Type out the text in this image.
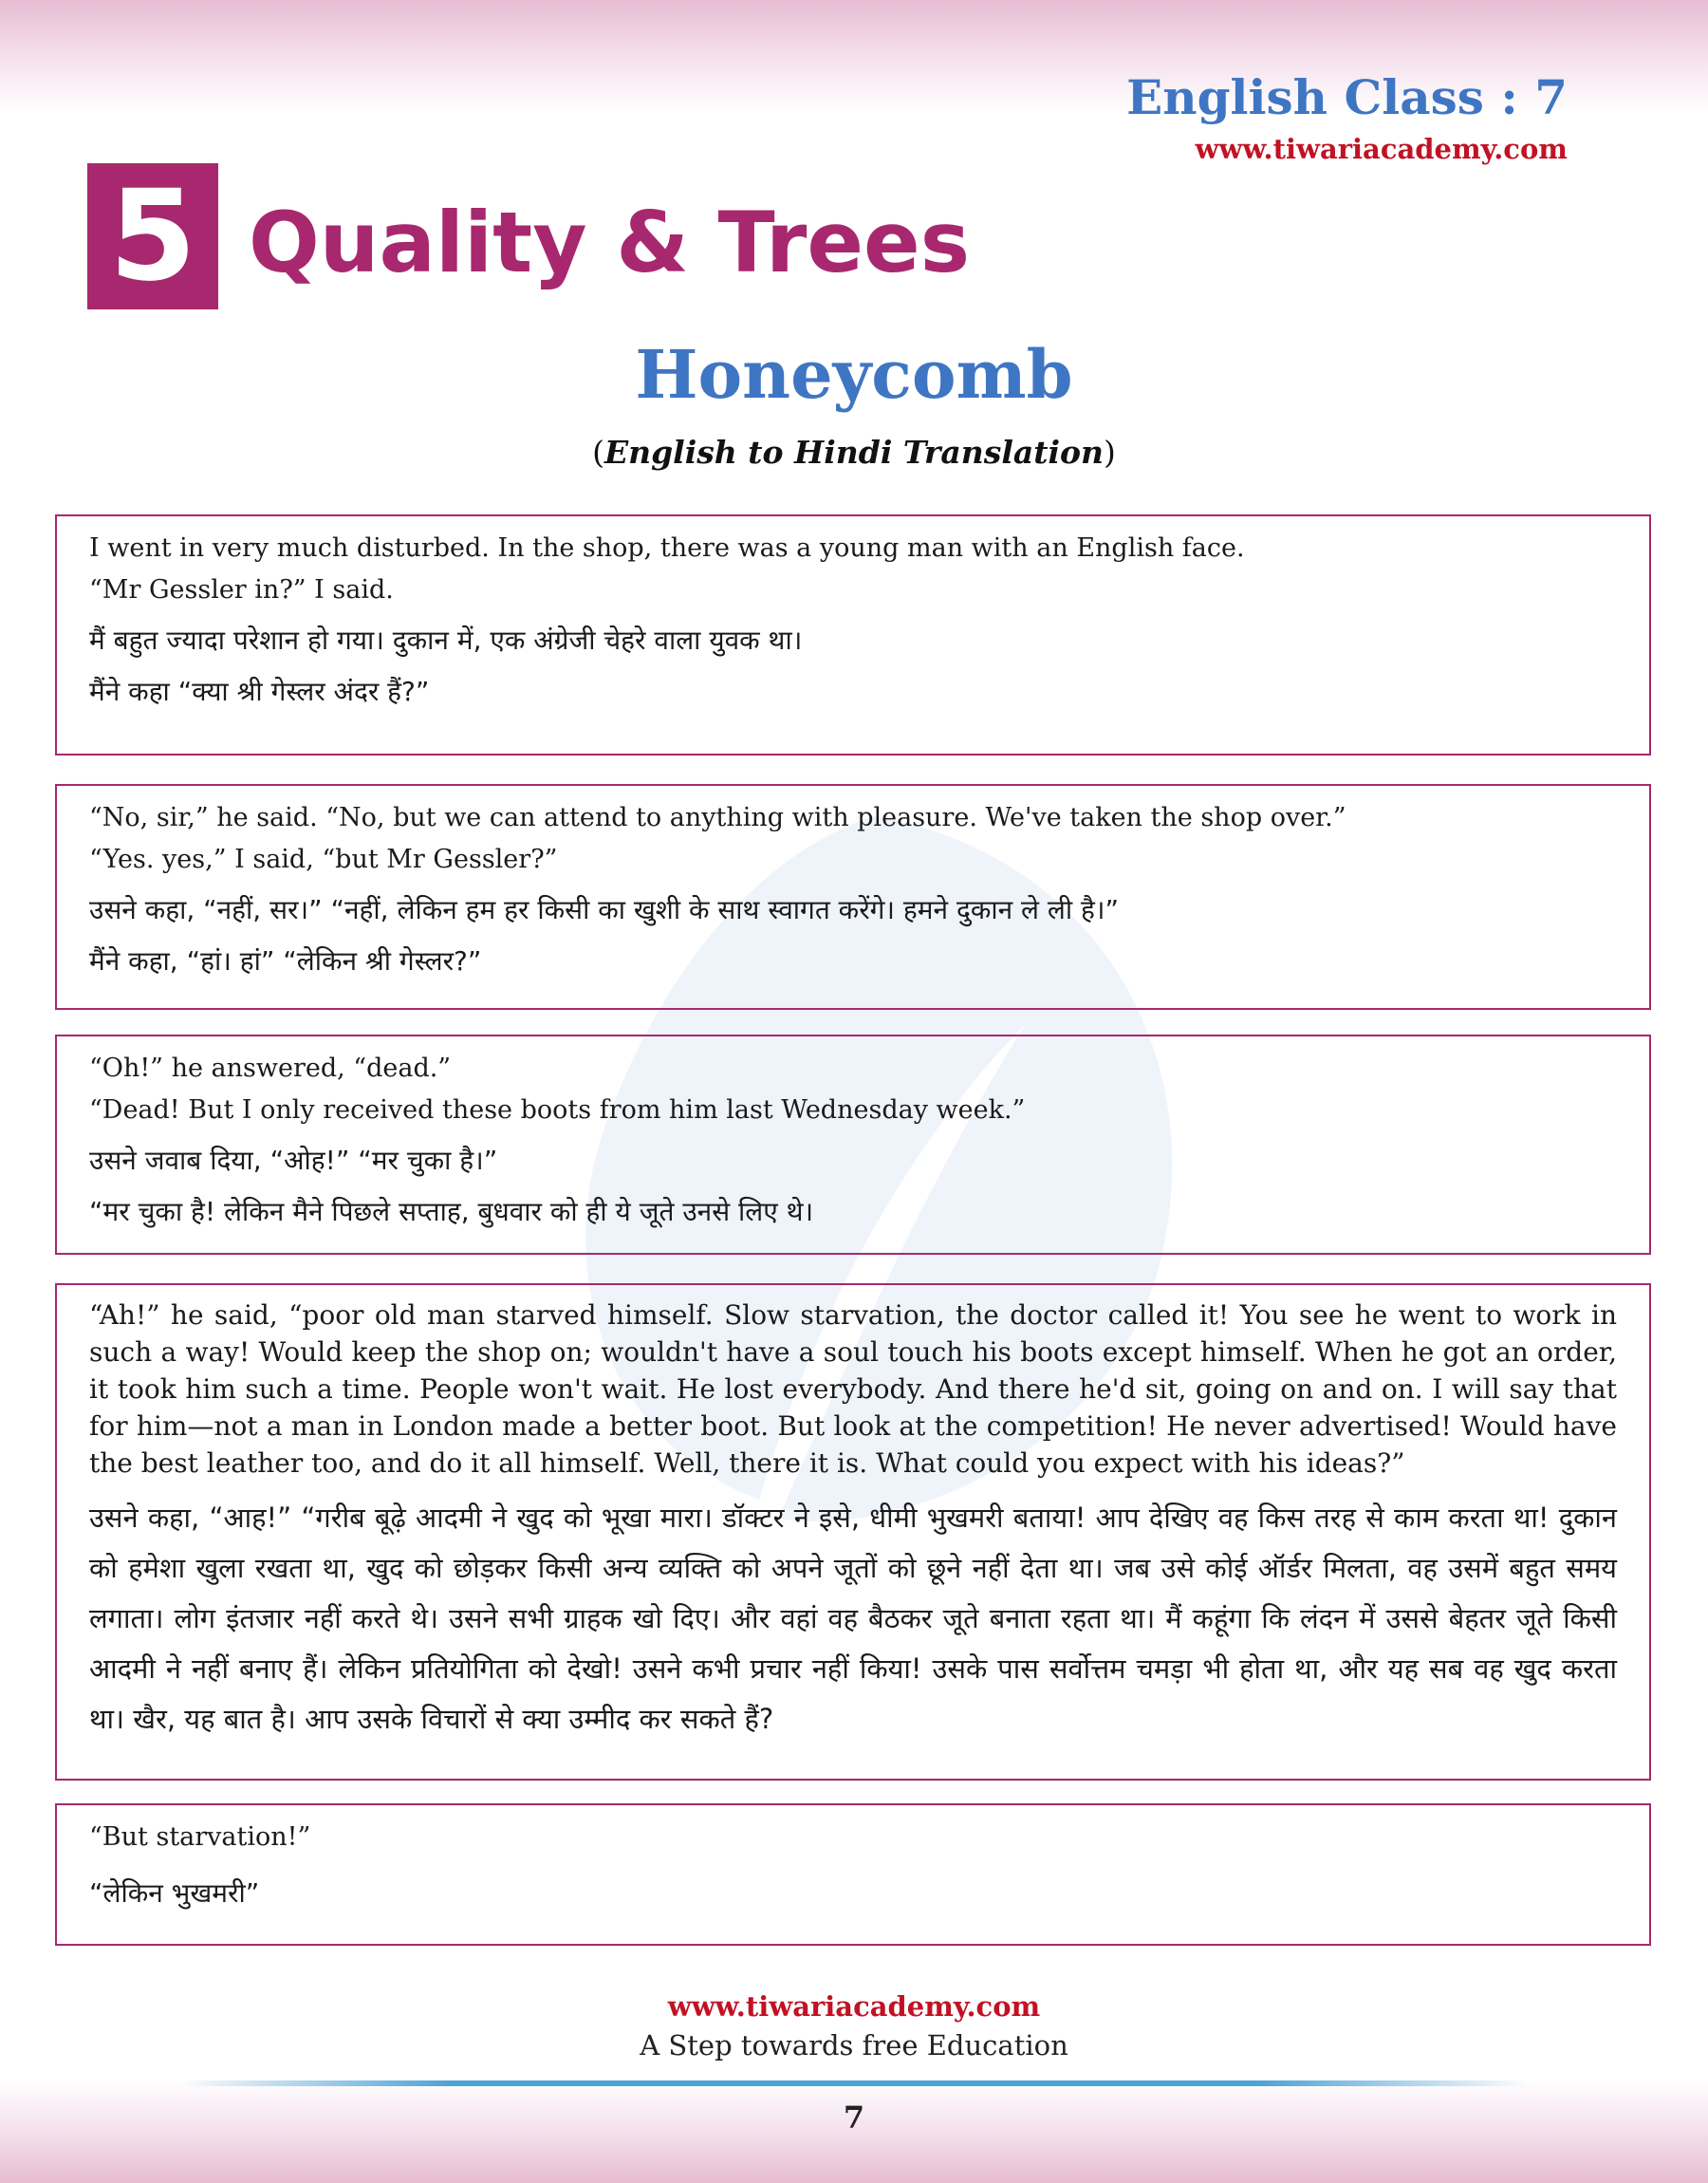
English Class : 7
www.tiwariacademy.com
5 Quality & Trees
Honeycomb
(English to Hindi Translation)

I went in very much disturbed. In the shop, there was a young man with an English face.

“Mr Gessler in?” I said.

मैं बहुत ज्यादा परेशान हो गया। दुकान में, एक अंग्रेजी चेहरे वाला युवक था।

मैंने कहा “क्या श्री गेस्लर अंदर हैं?”

“No, sir,” he said. “No, but we can attend to anything with pleasure. We've taken the shop over.”

“Yes. yes,” I said, “but Mr Gessler?”

उसने कहा, “नहीं, सर।” “नहीं, लेकिन हम हर किसी का खुशी के साथ स्वागत करेंगे। हमने दुकान ले ली है।”

मैंने कहा, “हां। हां” “लेकिन श्री गेस्लर?”

“Oh!” he answered, “dead.”

“Dead! But I only received these boots from him last Wednesday week.”

उसने जवाब दिया, “ओह!” “मर चुका है।”

“मर चुका है! लेकिन मैने पिछले सप्ताह, बुधवार को ही ये जूते उनसे लिए थे।

“Ah!” he said, “poor old man starved himself. Slow starvation, the doctor called it! You see he went to work in such a way! Would keep the shop on; wouldn't have a soul touch his boots except himself. When he got an order, it took him such a time. People won't wait. He lost everybody. And there he'd sit, going on and on. I will say that for him—not a man in London made a better boot. But look at the competition! He never advertised! Would have the best leather too, and do it all himself. Well, there it is. What could you expect with his ideas?”

उसने कहा, “आह!” “गरीब बूढ़े आदमी ने खुद को भूखा मारा। डॉक्टर ने इसे, धीमी भुखमरी बताया! आप देखिए वह किस तरह से काम करता था! दुकान को हमेशा खुला रखता था, खुद को छोड़कर किसी अन्य व्यक्ति को अपने जूतों को छूने नहीं देता था। जब उसे कोई ऑर्डर मिलता, वह उसमें बहुत समय लगाता। लोग इंतजार नहीं करते थे। उसने सभी ग्राहक खो दिए। और वहां वह बैठकर जूते बनाता रहता था। मैं कहूंगा कि लंदन में उससे बेहतर जूते किसी आदमी ने नहीं बनाए हैं। लेकिन प्रतियोगिता को देखो! उसने कभी प्रचार नहीं किया! उसके पास सर्वोत्तम चमड़ा भी होता था, और यह सब वह खुद करता था। खैर, यह बात है। आप उसके विचारों से क्या उम्मीद कर सकते हैं?

“But starvation!”

“लेकिन भुखमरी”

www.tiwariacademy.com
A Step towards free Education
7
